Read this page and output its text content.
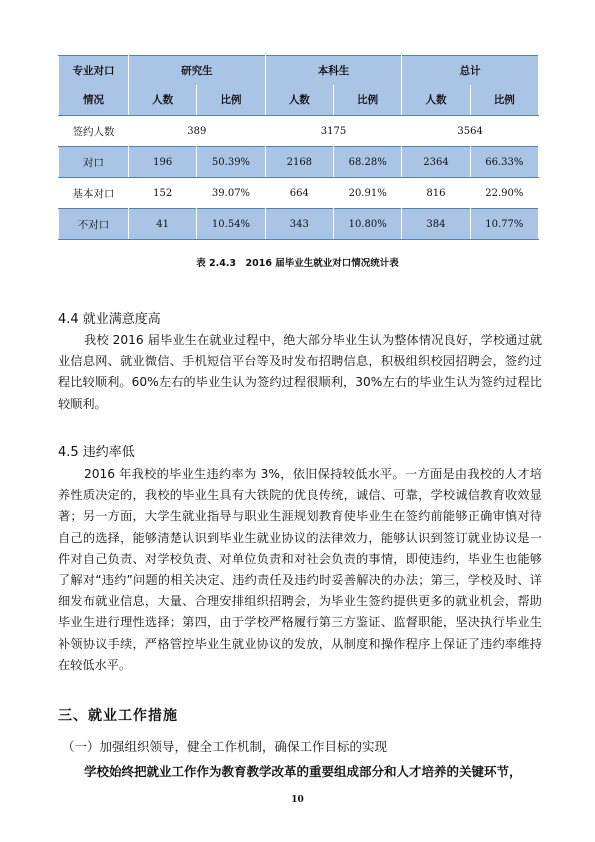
专业对口	研究生		本科生		总计	
情况	人数	比例	人数	比例	人数	比例
签约人数	389		3175		3564	
对口	196	50.39%	2168	68.28%	2364	66.33%
基本对口	152	39.07%	664	20.91%	816	22.90%
不对口	41	10.54%	343	10.80%	384	10.77%
表 2.4.3　2016 届毕业生就业对口情况统计表
4.4 就业满意度高

我校 2016 届毕业生在就业过程中，绝大部分毕业生认为整体情况良好，学校通过就业信息网、就业微信、手机短信平台等及时发布招聘信息，积极组织校园招聘会，签约过程比较顺利。60%左右的毕业生认为签约过程很顺利，30%左右的毕业生认为签约过程比较顺利。

4.5 违约率低

2016 年我校的毕业生违约率为 3%，依旧保持较低水平。一方面是由我校的人才培养性质决定的，我校的毕业生具有大铁院的优良传统，诚信、可靠，学校诚信教育收效显著；另一方面，大学生就业指导与职业生涯规划教育使毕业生在签约前能够正确审慎对待自己的选择，能够清楚认识到毕业生就业协议的法律效力，能够认识到签订就业协议是一件对自己负责、对学校负责、对单位负责和对社会负责的事情，即使违约，毕业生也能够了解对“违约”问题的相关决定、违约责任及违约时妥善解决的办法；第三，学校及时、详细发布就业信息，大量、合理安排组织招聘会，为毕业生签约提供更多的就业机会，帮助毕业生进行理性选择；第四，由于学校严格履行第三方鉴证、监督职能，坚决执行毕业生补领协议手续，严格管控毕业生就业协议的发放，从制度和操作程序上保证了违约率维持在较低水平。

三、就业工作措施
（一）加强组织领导，健全工作机制，确保工作目标的实现

学校始终把就业工作作为教育教学改革的重要组成部分和人才培养的关键环节，

10
